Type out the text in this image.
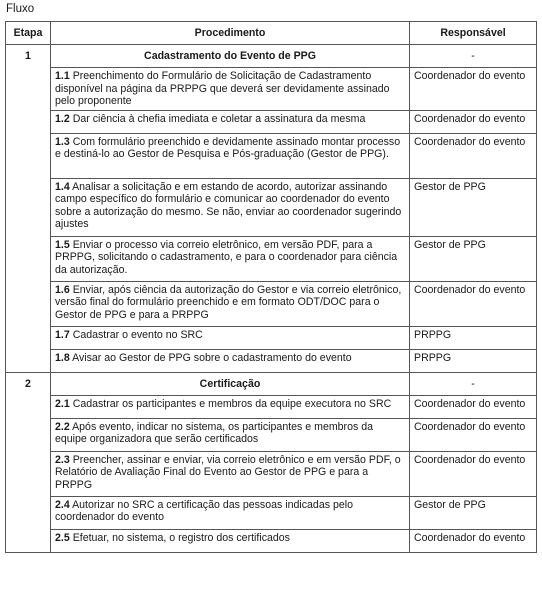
Fluxo
Etapa	Procedimento	Responsável
1	Cadastramento do Evento de PPG	-
	1.1 Preenchimento do Formulário de Solicitação de Cadastramento disponível na página da PRPPG que deverá ser devidamente assinado pelo proponente	Coordenador do evento
	1.2 Dar ciência à chefia imediata e coletar a assinatura da mesma	Coordenador do evento
	1.3 Com formulário preenchido e devidamente assinado montar processo e destiná-lo ao Gestor de Pesquisa e Pós-graduação (Gestor de PPG).	Coordenador do evento
	1.4 Analisar a solicitação e em estando de acordo, autorizar assinando campo específico do formulário e comunicar ao coordenador do evento sobre a autorização do mesmo. Se não, enviar ao coordenador sugerindo ajustes	Gestor de PPG
	1.5 Enviar o processo via correio eletrônico, em versão PDF, para a PRPPG, solicitando o cadastramento, e para o coordenador para ciência da autorização.	Gestor de PPG
	1.6 Enviar, após ciência da autorização do Gestor e via correio eletrônico, versão final do formulário preenchido e em formato ODT/DOC para o Gestor de PPG e para a PRPPG	Coordenador do evento
	1.7 Cadastrar o evento no SRC	PRPPG
	1.8 Avisar ao Gestor de PPG sobre o cadastramento do evento	PRPPG
2	Certificação	-
	2.1 Cadastrar os participantes e membros da equipe executora no SRC	Coordenador do evento
	2.2 Após evento, indicar no sistema, os participantes e membros da equipe organizadora que serão certificados	Coordenador do evento
	2.3 Preencher, assinar e enviar, via correio eletrônico e em versão PDF, o Relatório de Avaliação Final do Evento ao Gestor de PPG e para a PRPPG	Coordenador do evento
	2.4 Autorizar no SRC a certificação das pessoas indicadas pelo coordenador do evento	Gestor de PPG
	2.5 Efetuar, no sistema, o registro dos certificados	Coordenador do evento
